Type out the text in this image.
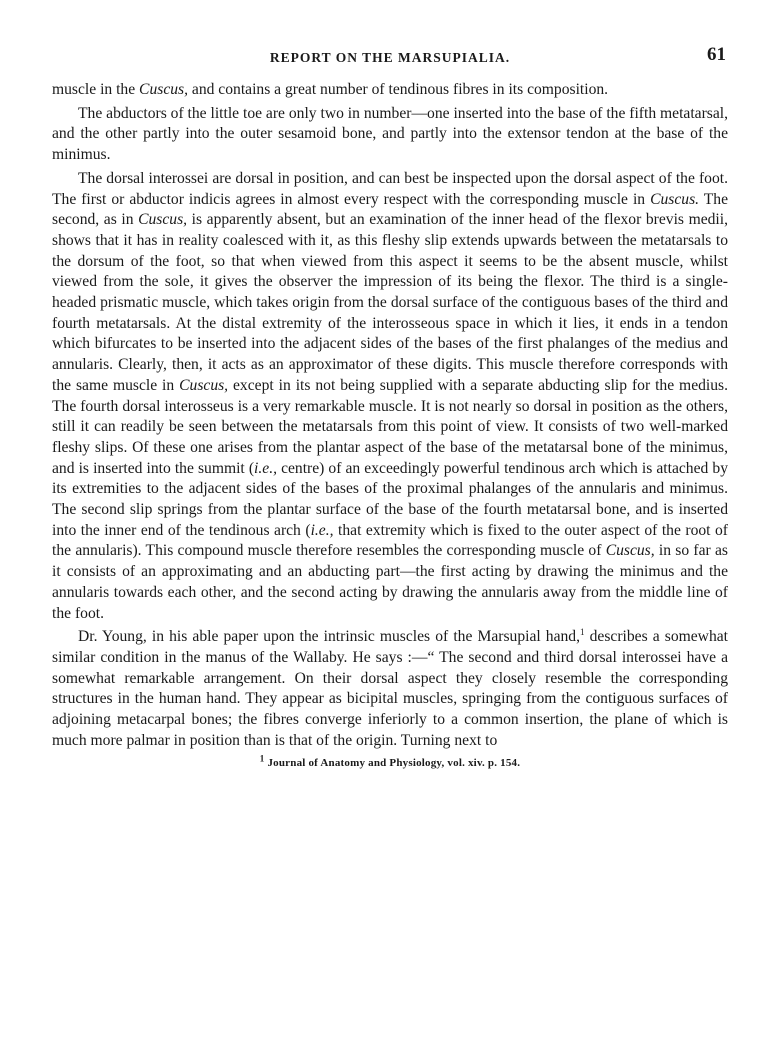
REPORT ON THE MARSUPIALIA.	61

muscle in the Cuscus, and contains a great number of tendinous fibres in its composition.

The abductors of the little toe are only two in number—one inserted into the base of the fifth metatarsal, and the other partly into the outer sesamoid bone, and partly into the extensor tendon at the base of the minimus.

The dorsal interossei are dorsal in position, and can best be inspected upon the dorsal aspect of the foot. The first or abductor indicis agrees in almost every respect with the corresponding muscle in Cuscus. The second, as in Cuscus, is apparently absent, but an examination of the inner head of the flexor brevis medii, shows that it has in reality coalesced with it, as this fleshy slip extends upwards between the metatarsals to the dorsum of the foot, so that when viewed from this aspect it seems to be the absent muscle, whilst viewed from the sole, it gives the observer the impression of its being the flexor. The third is a single-headed prismatic muscle, which takes origin from the dorsal surface of the contiguous bases of the third and fourth metatarsals. At the distal extremity of the interosseous space in which it lies, it ends in a tendon which bifurcates to be inserted into the adjacent sides of the bases of the first phalanges of the medius and annularis. Clearly, then, it acts as an approximator of these digits. This muscle therefore corresponds with the same muscle in Cuscus, except in its not being supplied with a separate abducting slip for the medius. The fourth dorsal interosseus is a very remarkable muscle. It is not nearly so dorsal in position as the others, still it can readily be seen between the metatarsals from this point of view. It consists of two well-marked fleshy slips. Of these one arises from the plantar aspect of the base of the metatarsal bone of the minimus, and is inserted into the summit (i.e., centre) of an exceedingly powerful tendinous arch which is attached by its extremities to the adjacent sides of the bases of the proximal phalanges of the annularis and minimus. The second slip springs from the plantar surface of the base of the fourth metatarsal bone, and is inserted into the inner end of the tendinous arch (i.e., that extremity which is fixed to the outer aspect of the root of the annularis). This compound muscle therefore resembles the corresponding muscle of Cuscus, in so far as it consists of an approximating and an abducting part—the first acting by drawing the minimus and the annularis towards each other, and the second acting by drawing the annularis away from the middle line of the foot.

Dr. Young, in his able paper upon the intrinsic muscles of the Marsupial hand,$^1$ describes a somewhat similar condition in the manus of the Wallaby. He says :—“ The second and third dorsal interossei have a somewhat remarkable arrangement. On their dorsal aspect they closely resemble the corresponding structures in the human hand. They appear as bicipital muscles, springing from the contiguous surfaces of adjoining metacarpal bones; the fibres converge inferiorly to a common insertion, the plane of which is much more palmar in position than is that of the origin. Turning next to

$^1$ Journal of Anatomy and Physiology, vol. xiv. p. 154.
